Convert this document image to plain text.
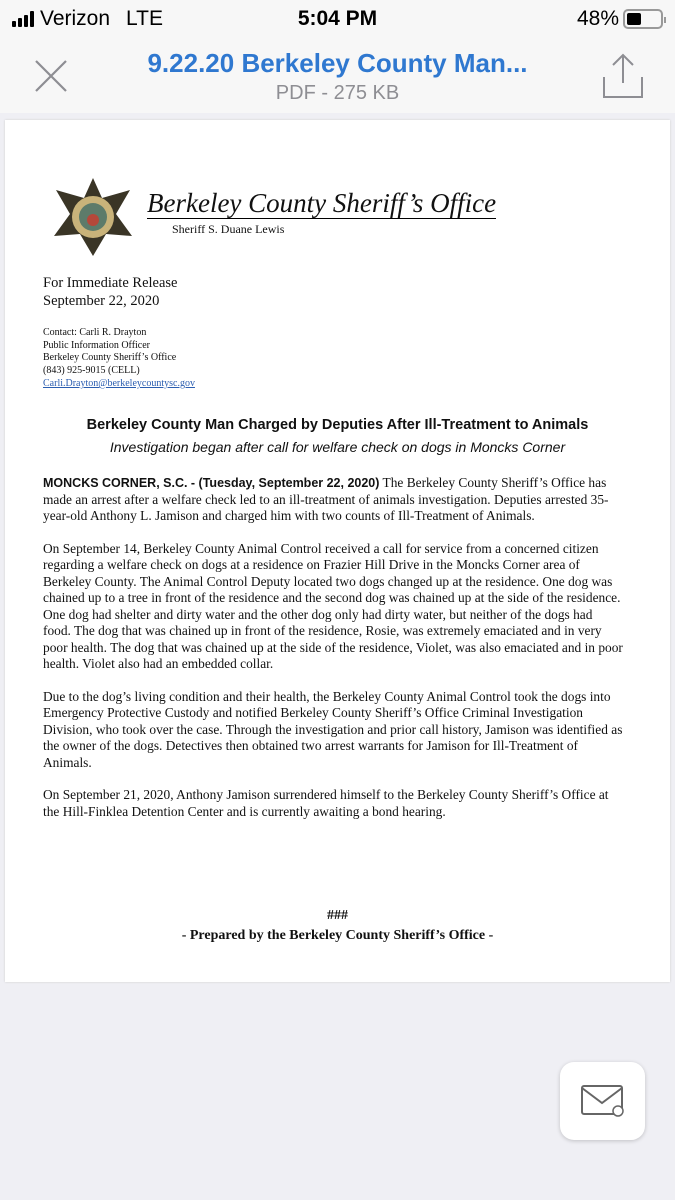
Verizon LTE	5:04 PM	48%
9.22.20 Berkeley County Man...
PDF - 275 KB
Berkeley County Sheriff’s Office
Sheriff S. Duane Lewis
For Immediate Release
September 22, 2020
Contact: Carli R. Drayton
Public Information Officer
Berkeley County Sheriff’s Office
(843) 925-9015 (CELL)
Carli.Drayton@berkeleycountysc.gov
Berkeley County Man Charged by Deputies After Ill-Treatment to Animals
Investigation began after call for welfare check on dogs in Moncks Corner

MONCKS CORNER, S.C. - (Tuesday, September 22, 2020) The Berkeley County Sheriff’s Office has made an arrest after a welfare check led to an ill-treatment of animals investigation. Deputies arrested 35-year-old Anthony L. Jamison and charged him with two counts of Ill-Treatment of Animals.

On September 14, Berkeley County Animal Control received a call for service from a concerned citizen regarding a welfare check on dogs at a residence on Frazier Hill Drive in the Moncks Corner area of Berkeley County. The Animal Control Deputy located two dogs changed up at the residence. One dog was chained up to a tree in front of the residence and the second dog was chained up at the side of the residence. One dog had shelter and dirty water and the other dog only had dirty water, but neither of the dogs had food. The dog that was chained up in front of the residence, Rosie, was extremely emaciated and in very poor health. The dog that was chained up at the side of the residence, Violet, was also emaciated and in poor health. Violet also had an embedded collar.

Due to the dog’s living condition and their health, the Berkeley County Animal Control took the dogs into Emergency Protective Custody and notified Berkeley County Sheriff’s Office Criminal Investigation Division, who took over the case. Through the investigation and prior call history, Jamison was identified as the owner of the dogs. Detectives then obtained two arrest warrants for Jamison for Ill-Treatment of Animals.

On September 21, 2020, Anthony Jamison surrendered himself to the Berkeley County Sheriff’s Office at the Hill-Finklea Detention Center and is currently awaiting a bond hearing.

###
- Prepared by the Berkeley County Sheriff’s Office -
